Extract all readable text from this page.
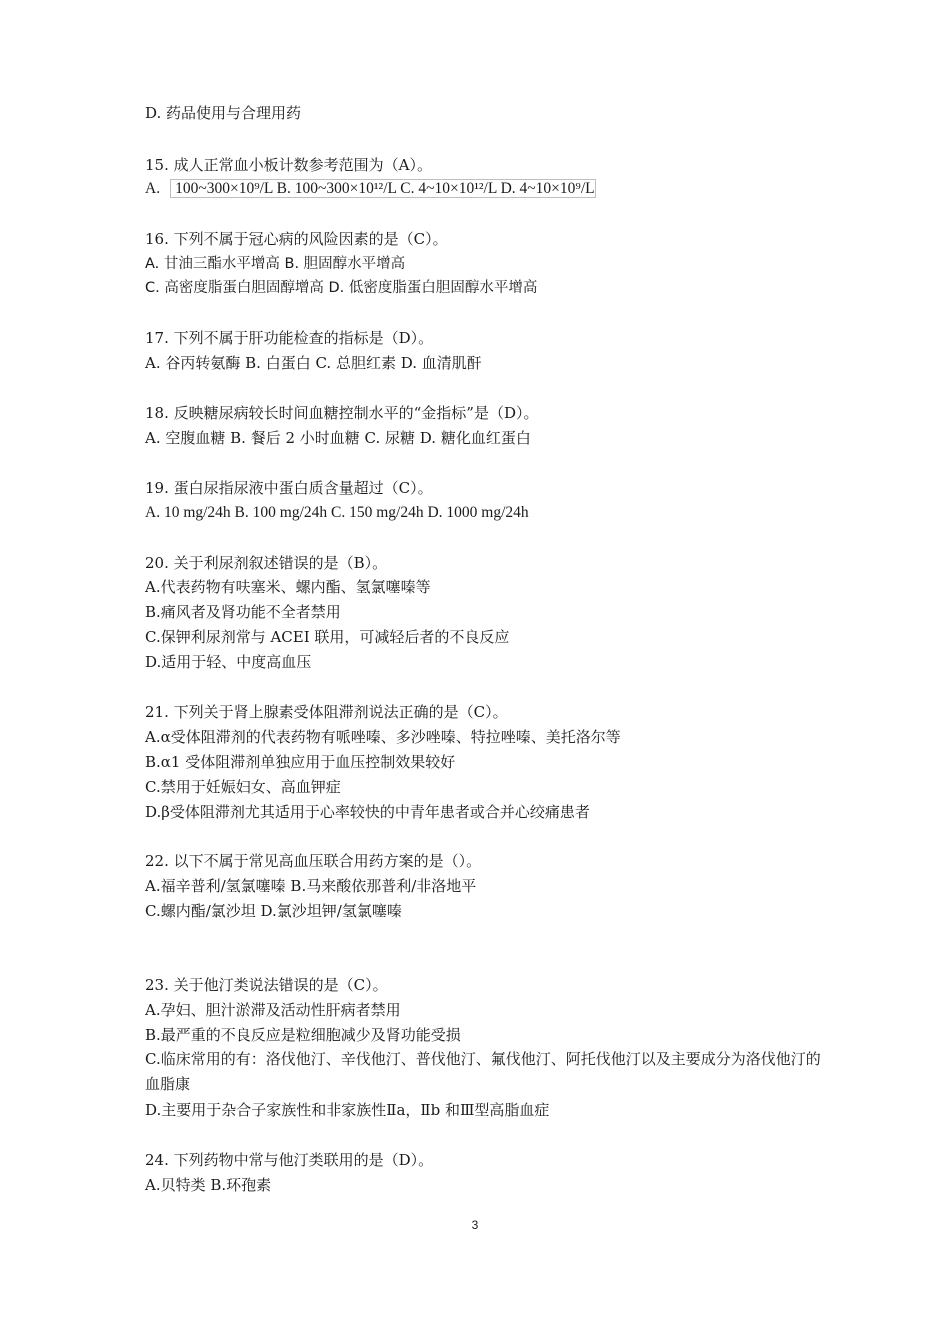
D. 药品使用与合理用药
15. 成人正常血小板计数参考范围为（A）。
A. 100~300×10⁹/L B. 100~300×10¹²/L C. 4~10×10¹²/L D. 4~10×10⁹/L
16. 下列不属于冠心病的风险因素的是（C）。
A. 甘油三酯水平增高 B. 胆固醇水平增高
C. 高密度脂蛋白胆固醇增高 D. 低密度脂蛋白胆固醇水平增高
17. 下列不属于肝功能检查的指标是（D）。
A. 谷丙转氨酶 B. 白蛋白 C. 总胆红素 D. 血清肌酐
18. 反映糖尿病较长时间血糖控制水平的“金指标”是（D）。
A. 空腹血糖 B. 餐后 2 小时血糖 C. 尿糖 D. 糖化血红蛋白
19. 蛋白尿指尿液中蛋白质含量超过（C）。
A. 10 mg/24h B. 100 mg/24h C. 150 mg/24h D. 1000 mg/24h
20. 关于利尿剂叙述错误的是（B）。
A.代表药物有呋塞米、螺内酯、氢氯噻嗪等
B.痛风者及肾功能不全者禁用
C.保钾利尿剂常与 ACEI 联用，可减轻后者的不良反应
D.适用于轻、中度高血压
21. 下列关于肾上腺素受体阻滞剂说法正确的是（C）。
A.α受体阻滞剂的代表药物有哌唑嗪、多沙唑嗪、特拉唑嗪、美托洛尔等
B.α1 受体阻滞剂单独应用于血压控制效果较好
C.禁用于妊娠妇女、高血钾症
D.β受体阻滞剂尤其适用于心率较快的中青年患者或合并心绞痛患者
22. 以下不属于常见高血压联合用药方案的是（）。
A.福辛普利/氢氯噻嗪 B.马来酸依那普利/非洛地平
C.螺内酯/氯沙坦 D.氯沙坦钾/氢氯噻嗪
23. 关于他汀类说法错误的是（C）。
A.孕妇、胆汁淤滞及活动性肝病者禁用
B.最严重的不良反应是粒细胞减少及肾功能受损
C.临床常用的有：洛伐他汀、辛伐他汀、普伐他汀、氟伐他汀、阿托伐他汀以及主要成分为洛伐他汀的血脂康
D.主要用于杂合子家族性和非家族性Ⅱa，Ⅱb 和Ⅲ型高脂血症
24. 下列药物中常与他汀类联用的是（D）。
A.贝特类 B.环孢素
3
